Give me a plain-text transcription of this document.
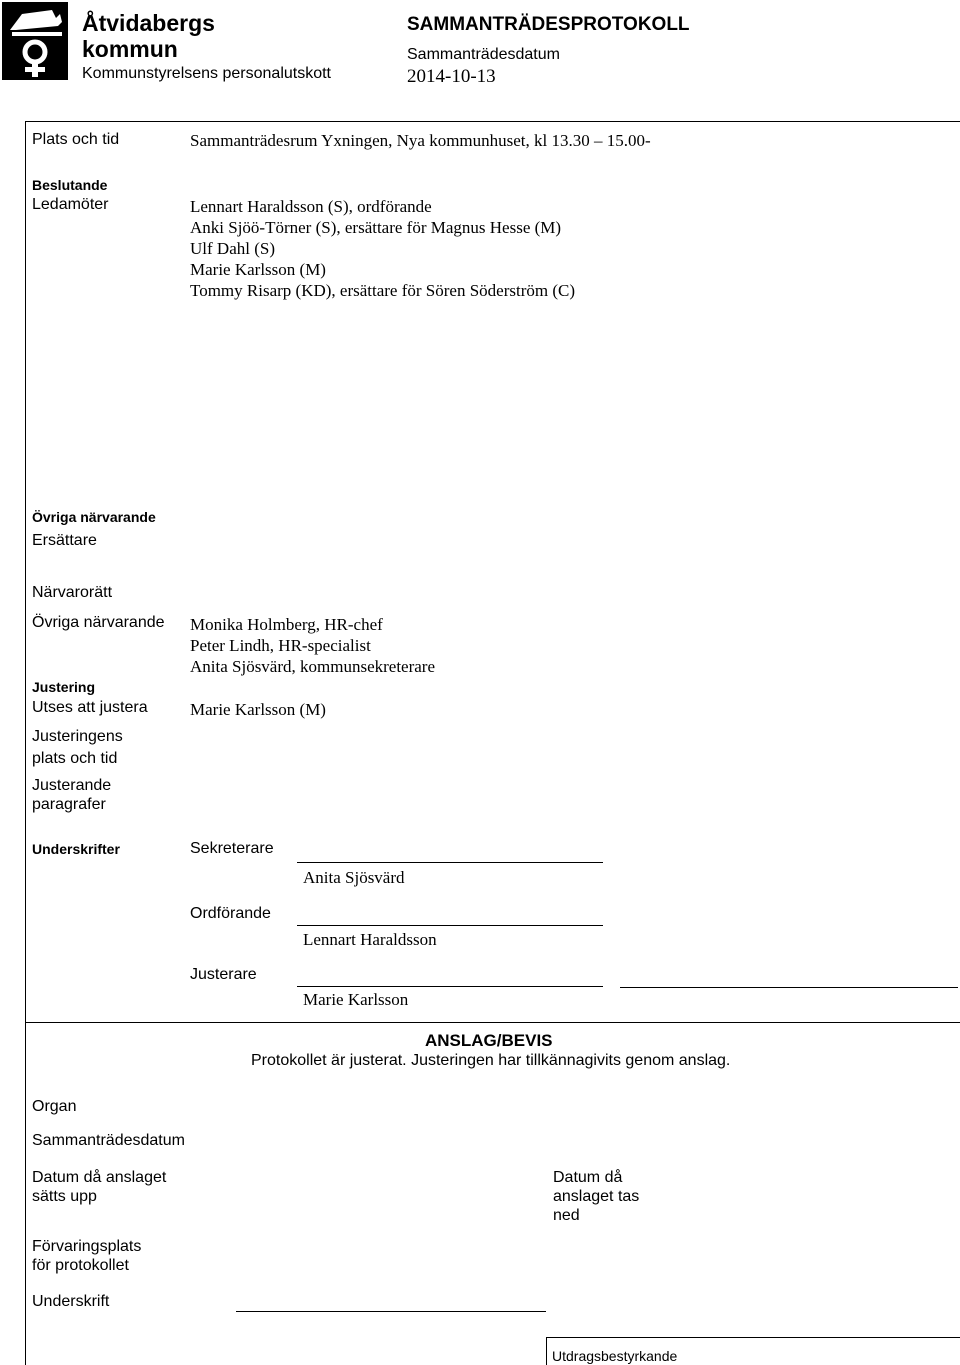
Åtvidabergs
kommun
Kommunstyrelsens personalutskott
SAMMANTRÄDESPROTOKOLL
Sammanträdesdatum
2014-10-13
Plats och tid	Sammanträdesrum Yxningen, Nya kommunhuset, kl 13.30 – 15.00-
Beslutande
Ledamöter	Lennart Haraldsson (S), ordförande
Anki Sjöö-Törner (S), ersättare för Magnus Hesse (M)
Ulf Dahl (S)
Marie Karlsson (M)
Tommy Risarp (KD), ersättare för Sören Söderström (C)
Övriga närvarande
Ersättare
Närvarorätt
Övriga närvarande Monika Holmberg, HR-chef
Peter Lindh, HR-specialist
Anita Sjösvärd, kommunsekreterare
Justering
Utses att justera Marie Karlsson (M)
Justeringens
plats och tid
Justerande
paragrafer
Underskrifter	Sekreterare
Anita Sjösvärd
Ordförande
Lennart Haraldsson
Justerare
Marie Karlsson
ANSLAG/BEVIS
Protokollet är justerat. Justeringen har tillkännagivits genom anslag.
Organ
Sammanträdesdatum
Datum då anslaget
sätts upp
Datum då
anslaget tas
ned
Förvaringsplats
för protokollet
Underskrift
Utdragsbestyrkande
